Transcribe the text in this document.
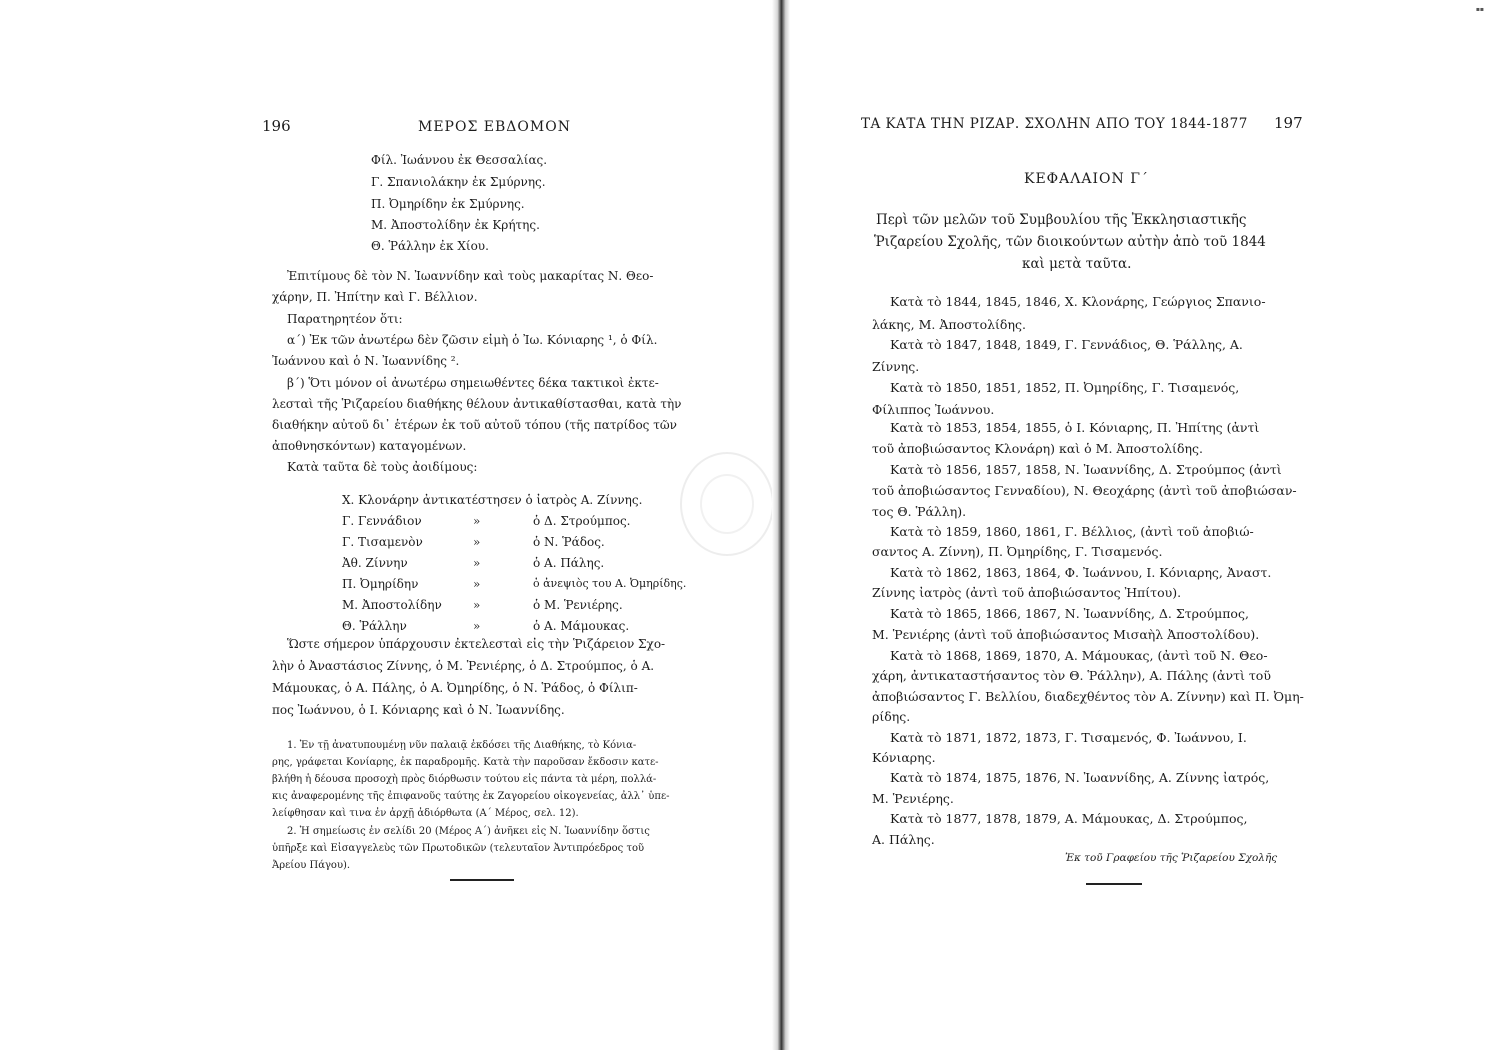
196	ΜΕΡΟΣ ΕΒΔΟΜΟΝ
Φίλ. Ἰωάννου ἐκ Θεσσαλίας.
Γ. Σπανιολάκην ἐκ Σμύρνης.
Π. Ὀμηρίδην ἐκ Σμύρνης.
Μ. Ἀποστολίδην ἐκ Κρήτης.
Θ. Ῥάλλην ἐκ Χίου.
Ἐπιτίμους δὲ τὸν Ν. Ἰωαννίδην καὶ τοὺς μακαρίτας Ν. Θεο-
χάρην, Π. Ἠπίτην καὶ Γ. Βέλλιον.
Παρατηρητέον ὅτι:
α΄) Ἐκ τῶν ἀνωτέρω δὲν ζῶσιν εἰμὴ ὁ Ἰω. Κόνιαρης ¹, ὁ Φίλ.
Ἰωάννου καὶ ὁ Ν. Ἰωαννίδης ².
β΄) Ὅτι μόνον οἱ ἀνωτέρω σημειωθέντες δέκα τακτικοὶ ἐκτε-
λεσταὶ τῆς Ῥιζαρείου διαθήκης θέλουν ἀντικαθίστασθαι, κατὰ τὴν
διαθήκην αὐτοῦ δι᾿ ἑτέρων ἐκ τοῦ αὐτοῦ τόπου (τῆς πατρίδος τῶν
ἀποθνησκόντων) καταγομένων.
Κατὰ ταῦτα δὲ τοὺς ἀοιδίμους:
Χ. Κλονάρην ἀντικατέστησεν ὁ ἰατρὸς Α. Ζίννης.
Γ. Γεννάδιον	»	ὁ Δ. Στρούμπος.
Γ. Τισαμενὸν	»	ὁ Ν. Ῥάδος.
Ἀθ. Ζίννην	»	ὁ Α. Πάλης.
Π. Ὀμηρίδην	»	ὁ ἀνεψιὸς του Α. Ὀμηρίδης.
Μ. Ἀποστολίδην	»	ὁ Μ. Ῥενιέρης.
Θ. Ῥάλλην	»	ὁ Α. Μάμουκας.
Ὥστε σήμερον ὑπάρχουσιν ἐκτελεσταὶ εἰς τὴν Ῥιζάρειον Σχο-
λὴν ὁ Ἀναστάσιος Ζίννης, ὁ Μ. Ῥενιέρης, ὁ Δ. Στρούμπος, ὁ Α.
Μάμουκας, ὁ Α. Πάλης, ὁ Α. Ὀμηρίδης, ὁ Ν. Ῥάδος, ὁ Φίλιπ-
πος Ἰωάννου, ὁ Ι. Κόνιαρης καὶ ὁ Ν. Ἰωαννίδης.
1. Ἐν τῇ ἀνατυπουμένῃ νῦν παλαιᾷ ἐκδόσει τῆς Διαθήκης, τὸ Κόνια-
ρης, γράφεται Κονίαρης, ἐκ παραδρομῆς. Κατὰ τὴν παροῦσαν ἔκδοσιν κατε-
βλήθη ἡ δέουσα προσοχὴ πρὸς διόρθωσιν τούτου εἰς πάντα τὰ μέρη, πολλά-
κις ἀναφερομένης τῆς ἐπιφανοῦς ταύτης ἐκ Ζαγορείου οἰκογενείας, ἀλλ᾿ ὑπε-
λείφθησαν καὶ τινα ἐν ἀρχῇ ἀδιόρθωτα (Α΄ Μέρος, σελ. 12).
2. Ἡ σημείωσις ἐν σελίδι 20 (Μέρος Α΄) ἀνῆκει εἰς Ν. Ἰωαννίδην ὅστις
ὑπῆρξε καὶ Εἰσαγγελεὺς τῶν Πρωτοδικῶν (τελευταῖον Ἀντιπρόεδρος τοῦ
Ἀρείου Πάγου).
▪▪
ΤΑ ΚΑΤΑ ΤΗΝ ΡΙΖΑΡ. ΣΧΟΛΗΝ ΑΠΟ ΤΟΥ 1844-1877 197
ΚΕΦΑΛΑΙΟΝ Γ΄
Περὶ τῶν μελῶν τοῦ Συμβουλίου τῆς Ἐκκλησιαστικῆς
Ῥιζαρείου Σχολῆς, τῶν διοικούντων αὐτὴν ἀπὸ τοῦ 1844
καὶ μετὰ ταῦτα.
Κατὰ τὸ 1844, 1845, 1846, Χ. Κλονάρης, Γεώργιος Σπανιο-
λάκης, Μ. Ἀποστολίδης.
Κατὰ τὸ 1847, 1848, 1849, Γ. Γεννάδιος, Θ. Ῥάλλης, Α.
Ζίννης.
Κατὰ τὸ 1850, 1851, 1852, Π. Ὀμηρίδης, Γ. Τισαμενός,
Φίλιππος Ἰωάννου.
Κατὰ τὸ 1853, 1854, 1855, ὁ Ι. Κόνιαρης, Π. Ἠπίτης (ἀντὶ
τοῦ ἀποβιώσαντος Κλονάρη) καὶ ὁ Μ. Ἀποστολίδης.
Κατὰ τὸ 1856, 1857, 1858, Ν. Ἰωαννίδης, Δ. Στρούμπος (ἀντὶ
τοῦ ἀποβιώσαντος Γενναδίου), Ν. Θεοχάρης (ἀντὶ τοῦ ἀποβιώσαν-
τος Θ. Ῥάλλη).
Κατὰ τὸ 1859, 1860, 1861, Γ. Βέλλιος, (ἀντὶ τοῦ ἀποβιώ-
σαντος Α. Ζίννη), Π. Ὀμηρίδης, Γ. Τισαμενός.
Κατὰ τὸ 1862, 1863, 1864, Φ. Ἰωάννου, Ι. Κόνιαρης, Ἀναστ.
Ζίννης ἰατρὸς (ἀντὶ τοῦ ἀποβιώσαντος Ἠπίτου).
Κατὰ τὸ 1865, 1866, 1867, Ν. Ἰωαννίδης, Δ. Στρούμπος,
Μ. Ῥενιέρης (ἀντὶ τοῦ ἀποβιώσαντος Μισαὴλ Ἀποστολίδου).
Κατὰ τὸ 1868, 1869, 1870, Α. Μάμουκας, (ἀντὶ τοῦ Ν. Θεο-
χάρη, ἀντικαταστήσαντος τὸν Θ. Ῥάλλην), Α. Πάλης (ἀντὶ τοῦ
ἀποβιώσαντος Γ. Βελλίου, διαδεχθέντος τὸν Α. Ζίννην) καὶ Π. Ὀμη-
ρίδης.
Κατὰ τὸ 1871, 1872, 1873, Γ. Τισαμενός, Φ. Ἰωάννου, Ι.
Κόνιαρης.
Κατὰ τὸ 1874, 1875, 1876, Ν. Ἰωαννίδης, Α. Ζίννης ἰατρός,
Μ. Ῥενιέρης.
Κατὰ τὸ 1877, 1878, 1879, Α. Μάμουκας, Δ. Στρούμπος,
Α. Πάλης.
Ἐκ τοῦ Γραφείου τῆς Ῥιζαρείου Σχολῆς
